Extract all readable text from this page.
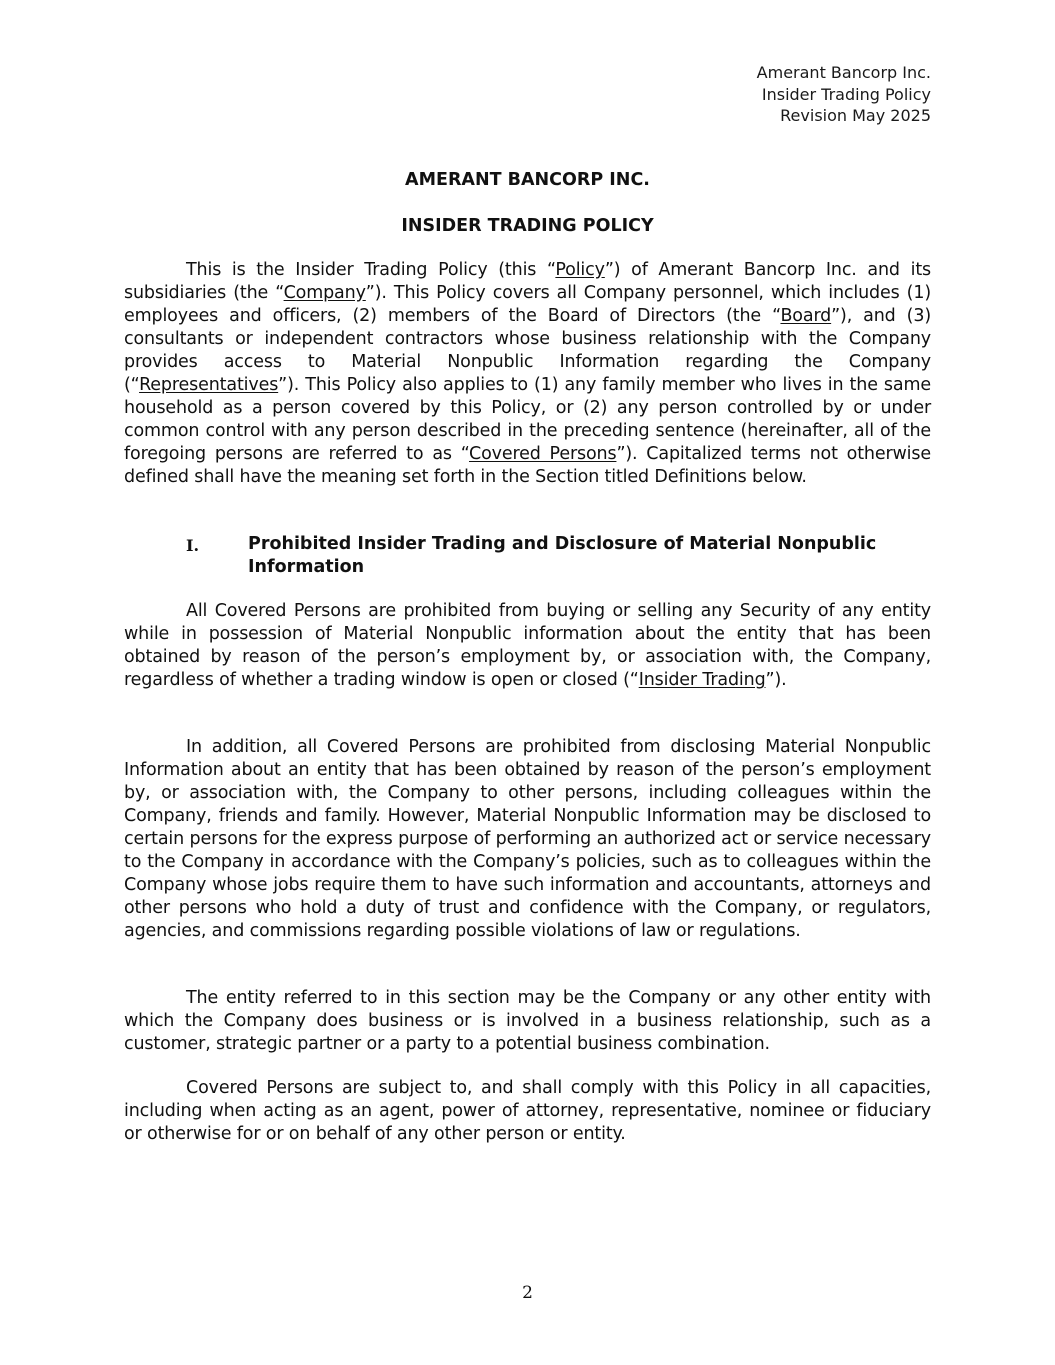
Amerant Bancorp Inc.
Insider Trading Policy
Revision May 2025
AMERANT BANCORP INC.
INSIDER TRADING POLICY

This is the Insider Trading Policy (this “Policy”) of Amerant Bancorp Inc. and its subsidiaries (the “Company”). This Policy covers all Company personnel, which includes (1) employees and officers, (2) members of the Board of Directors (the “Board”), and (3) consultants or independent contractors whose business relationship with the Company provides access to Material Nonpublic Information regarding the Company (“Representatives”). This Policy also applies to (1) any family member who lives in the same household as a person covered by this Policy, or (2) any person controlled by or under common control with any person described in the preceding sentence (hereinafter, all of the foregoing persons are referred to as “Covered Persons”). Capitalized terms not otherwise defined shall have the meaning set forth in the Section titled Definitions below.

I.	Prohibited Insider Trading and Disclosure of Material Nonpublic Information

All Covered Persons are prohibited from buying or selling any Security of any entity while in possession of Material Nonpublic information about the entity that has been obtained by reason of the person’s employment by, or association with, the Company, regardless of whether a trading window is open or closed (“Insider Trading”).

In addition, all Covered Persons are prohibited from disclosing Material Nonpublic Information about an entity that has been obtained by reason of the person’s employment by, or association with, the Company to other persons, including colleagues within the Company, friends and family. However, Material Nonpublic Information may be disclosed to certain persons for the express purpose of performing an authorized act or service necessary to the Company in accordance with the Company’s policies, such as to colleagues within the Company whose jobs require them to have such information and accountants, attorneys and other persons who hold a duty of trust and confidence with the Company, or regulators, agencies, and commissions regarding possible violations of law or regulations.

The entity referred to in this section may be the Company or any other entity with which the Company does business or is involved in a business relationship, such as a customer, strategic partner or a party to a potential business combination.

Covered Persons are subject to, and shall comply with this Policy in all capacities, including when acting as an agent, power of attorney, representative, nominee or fiduciary or otherwise for or on behalf of any other person or entity.

2
